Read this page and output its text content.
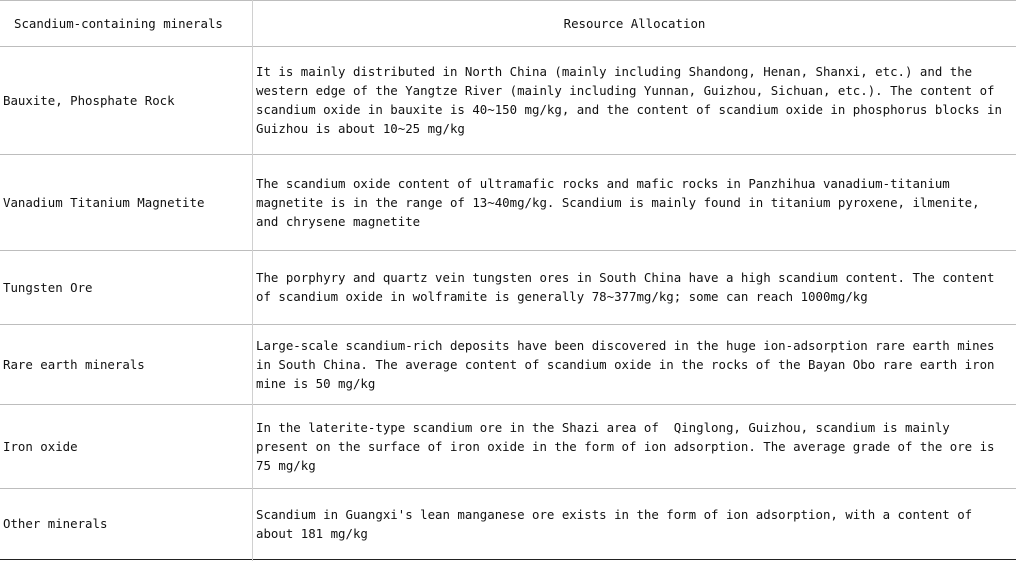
Scandium-containing minerals	Resource Allocation
Bauxite, Phosphate Rock
It is mainly distributed in North China (mainly including Shandong, Henan, Shanxi, etc.) and the western edge of the Yangtze River (mainly including Yunnan, Guizhou, Sichuan, etc.). The content of scandium oxide in bauxite is 40~150 mg/kg, and the content of scandium oxide in phosphorus blocks in Guizhou is about 10~25 mg/kg
Vanadium Titanium Magnetite
The scandium oxide content of ultramafic rocks and mafic rocks in Panzhihua vanadium-titanium magnetite is in the range of 13~40mg/kg. Scandium is mainly found in titanium pyroxene, ilmenite, and chrysene magnetite
Tungsten Ore
The porphyry and quartz vein tungsten ores in South China have a high scandium content. The content of scandium oxide in wolframite is generally 78~377mg/kg; some can reach 1000mg/kg
Rare earth minerals
Large-scale scandium-rich deposits have been discovered in the huge ion-adsorption rare earth mines in South China. The average content of scandium oxide in the rocks of the Bayan Obo rare earth iron mine is 50 mg/kg
Iron oxide
In the laterite-type scandium ore in the Shazi area of  Qinglong, Guizhou, scandium is mainly present on the surface of iron oxide in the form of ion adsorption. The average grade of the ore is 75 mg/kg
Other minerals
Scandium in Guangxi's lean manganese ore exists in the form of ion adsorption, with a content of about 181 mg/kg
